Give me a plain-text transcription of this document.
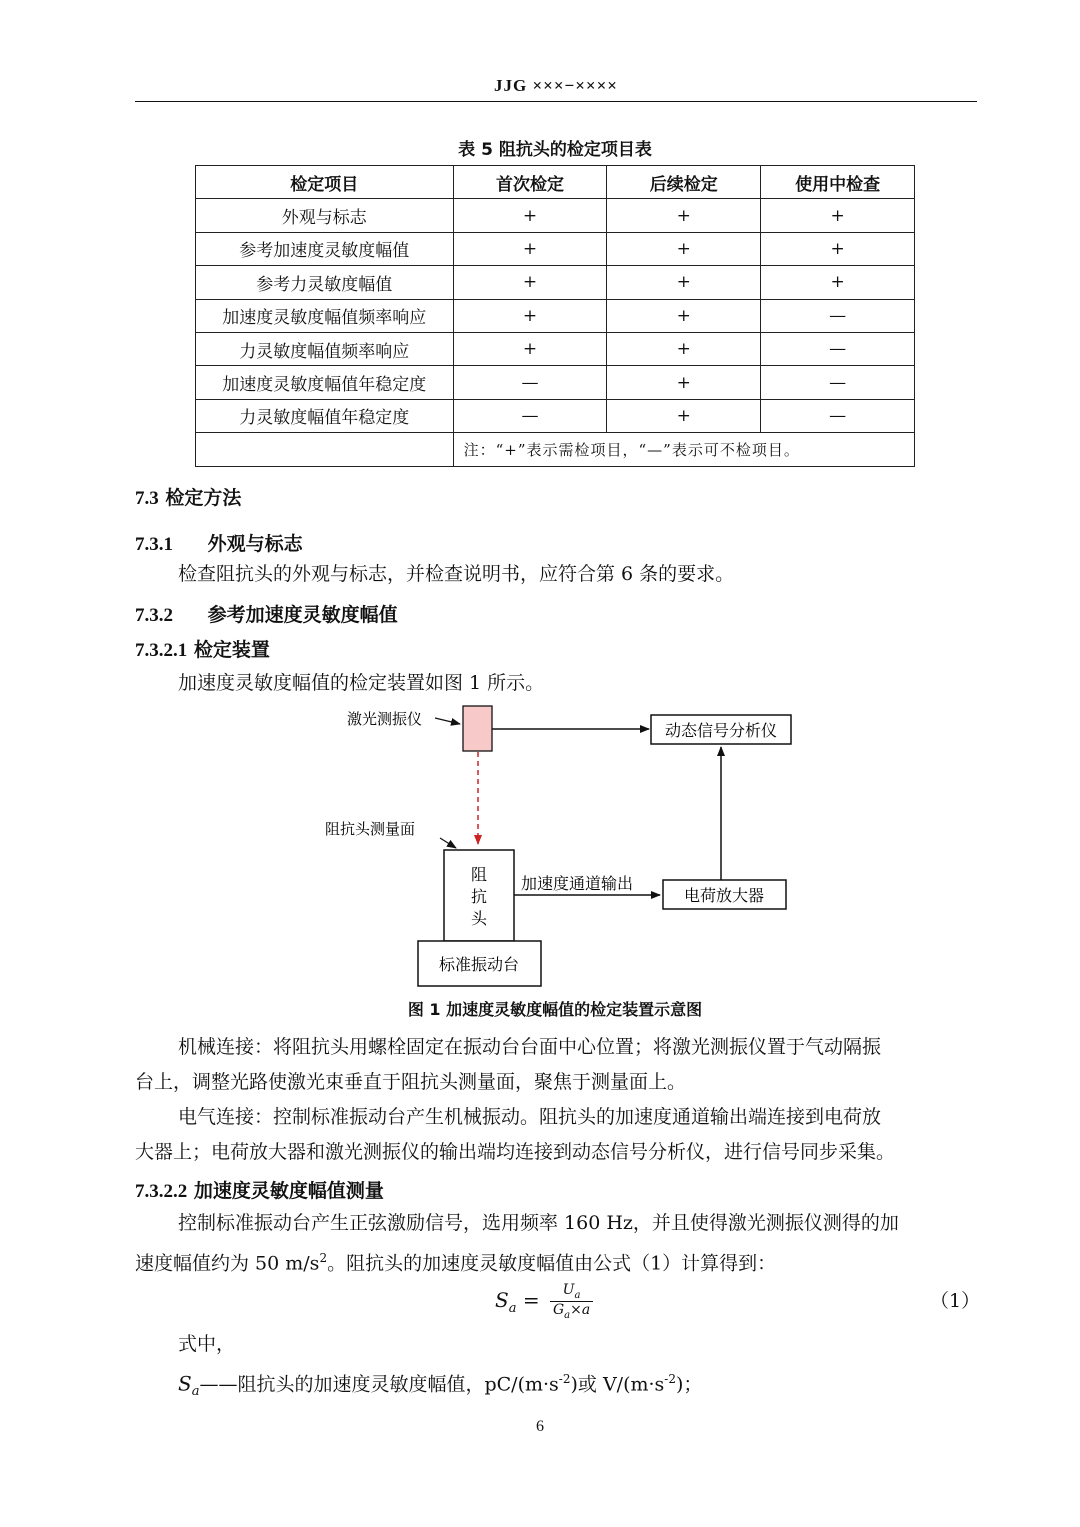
JJG ×××−××××
表 5 阻抗头的检定项目表
检定项目	首次检定	后续检定	使用中检查
外观与标志	+	+	+
参考加速度灵敏度幅值	+	+	+
参考力灵敏度幅值	+	+	+
加速度灵敏度幅值频率响应	+	+	—
力灵敏度幅值频率响应	+	+	—
加速度灵敏度幅值年稳定度	—	+	—
力灵敏度幅值年稳定度	—	+	—
	注：“+”表示需检项目，“—”表示可不检项目。		
7.3 检定方法
7.3.1 外观与标志
检查阻抗头的外观与标志，并检查说明书，应符合第 6 条的要求。
7.3.2 参考加速度灵敏度幅值
7.3.2.1 检定装置
加速度灵敏度幅值的检定装置如图 1 所示。
激光测振仪
动态信号分析仪
阻抗头测量面
阻
抗
头
加速度通道输出
电荷放大器
标准振动台
图 1 加速度灵敏度幅值的检定装置示意图
机械连接：将阻抗头用螺栓固定在振动台台面中心位置；将激光测振仪置于气动隔振
台上，调整光路使激光束垂直于阻抗头测量面，聚焦于测量面上。
电气连接：控制标准振动台产生机械振动。阻抗头的加速度通道输出端连接到电荷放
大器上；电荷放大器和激光测振仪的输出端均连接到动态信号分析仪，进行信号同步采集。
7.3.2.2 加速度灵敏度幅值测量
控制标准振动台产生正弦激励信号，选用频率 160 Hz，并且使得激光测振仪测得的加
速度幅值约为 50 $m/s^2$。阻抗头的加速度灵敏度幅值由公式（1）计算得到：
$S_a = \frac{U_a}{G_a\times a}$	（1）
式中，
$S_a——$阻抗头的加速度灵敏度幅值，$pC/(m\cdot s^{-2})$或 $V/(m\cdot s^{-2})$；
6
